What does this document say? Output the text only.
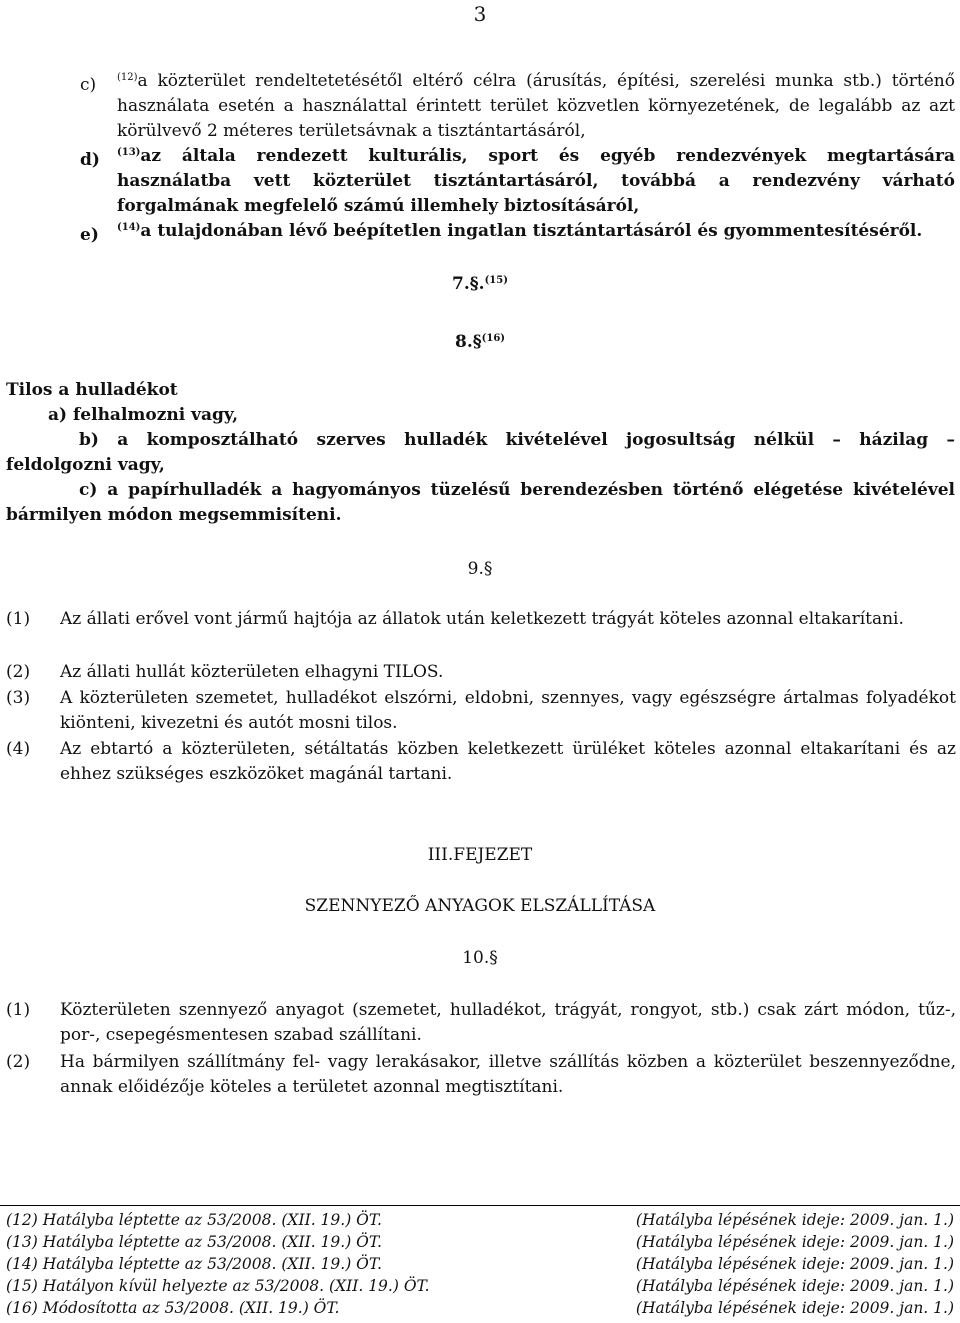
3
c)	$^{(12)}$a közterület rendeltetetésétől eltérő célra (árusítás, építési, szerelési munka stb.) történő használata esetén a használattal érintett terület közvetlen környezetének, de legalább az azt körülvevő 2 méteres területsávnak a tisztántartásáról,
d)	$^{(13)}$az általa rendezett kulturális, sport és egyéb rendezvények megtartására használatba vett közterület tisztántartásáról, továbbá a rendezvény várható forgalmának megfelelő számú illemhely biztosításáról,
e)	$^{(14)}$a tulajdonában lévő beépítetlen ingatlan tisztántartásáról és gyommentesítéséről.
7.§.$^{(15)}$
8.§$^{(16)}$
Tilos a hulladékot
a) felhalmozni vagy,
b) a komposztálható szerves hulladék kivételével jogosultság nélkül – házilag –
feldolgozni vagy,
c) a papírhulladék a hagyományos tüzelésű berendezésben történő elégetése kivételével
bármilyen módon megsemmisíteni.
9.§
(1)	Az állati erővel vont jármű hajtója az állatok után keletkezett trágyát köteles azonnal eltakarítani.
(2)	Az állati hullát közterületen elhagyni TILOS.
(3)	A közterületen szemetet, hulladékot elszórni, eldobni, szennyes, vagy egészségre ártalmas folyadékot kiönteni, kivezetni és autót mosni tilos.
(4)	Az ebtartó a közterületen, sétáltatás közben keletkezett ürüléket köteles azonnal eltakarítani és az ehhez szükséges eszközöket magánál tartani.
III.FEJEZET
SZENNYEZŐ ANYAGOK ELSZÁLLÍTÁSA
10.§
(1)	Közterületen szennyező anyagot (szemetet, hulladékot, trágyát, rongyot, stb.) csak zárt módon, tűz-, por-, csepegésmentesen szabad szállítani.
(2)	Ha bármilyen szállítmány fel- vagy lerakásakor, illetve szállítás közben a közterület beszennyeződne, annak előidézője köteles a területet azonnal megtisztítani.
(12) Hatályba léptette az 53/2008. (XII. 19.) ÖT.	(Hatályba lépésének ideje: 2009. jan. 1.)
(13) Hatályba léptette az 53/2008. (XII. 19.) ÖT.	(Hatályba lépésének ideje: 2009. jan. 1.)
(14) Hatályba léptette az 53/2008. (XII. 19.) ÖT.	(Hatályba lépésének ideje: 2009. jan. 1.)
(15) Hatályon kívül helyezte az 53/2008. (XII. 19.) ÖT.	(Hatályba lépésének ideje: 2009. jan. 1.)
(16) Módosította az 53/2008. (XII. 19.) ÖT.	(Hatályba lépésének ideje: 2009. jan. 1.)
